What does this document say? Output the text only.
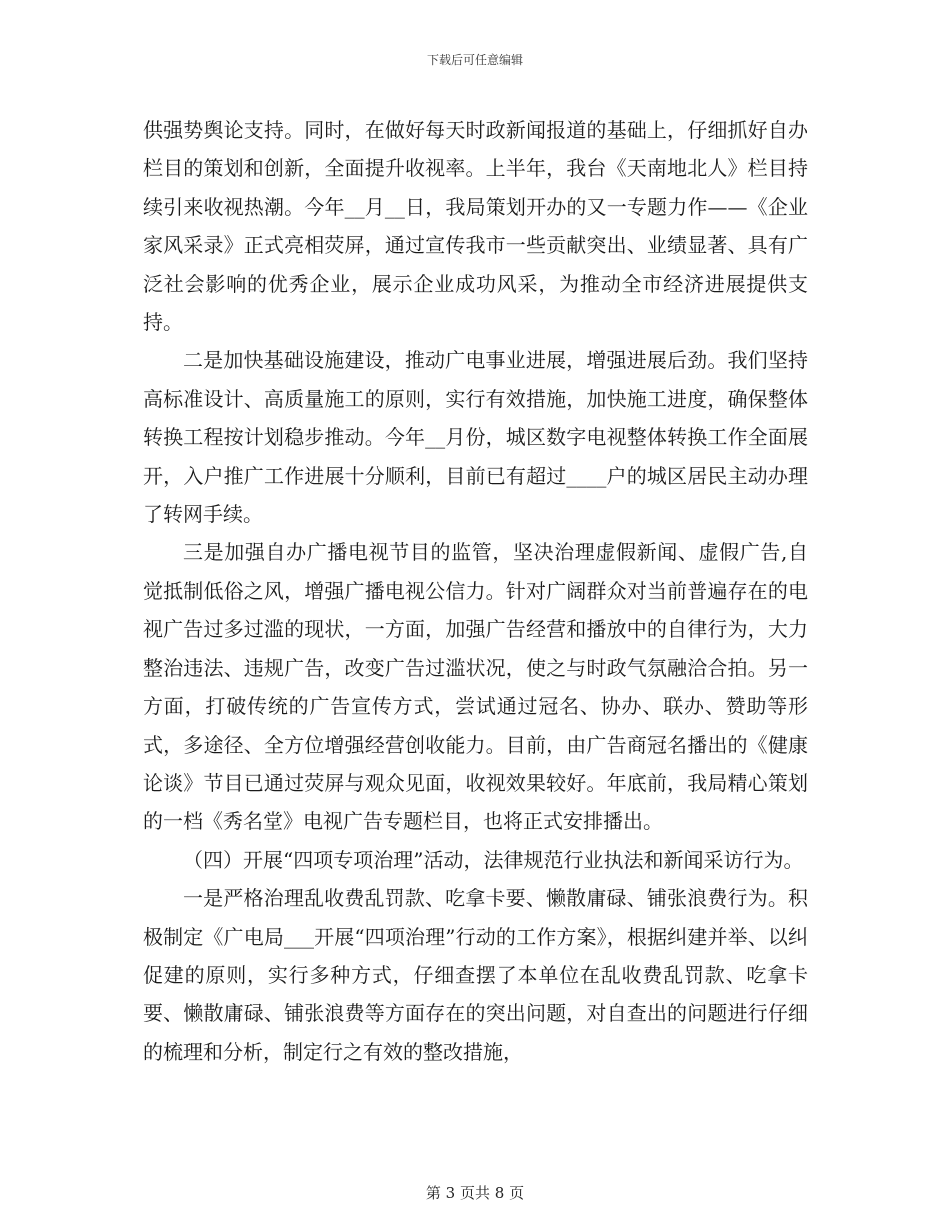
下载后可任意编辑

供强势舆论支持。同时，在做好每天时政新闻报道的基础上，仔细抓好自办栏目的策划和创新，全面提升收视率。上半年，我台《天南地北人》栏目持续引来收视热潮。今年__月__日，我局策划开办的又一专题力作——《企业家风采录》正式亮相荧屏，通过宣传我市一些贡献突出、业绩显著、具有广泛社会影响的优秀企业，展示企业成功风采，为推动全市经济进展提供支持。

二是加快基础设施建设，推动广电事业进展，增强进展后劲。我们坚持高标准设计、高质量施工的原则，实行有效措施，加快施工进度，确保整体转换工程按计划稳步推动。今年__月份，城区数字电视整体转换工作全面展开，入户推广工作进展十分顺利，目前已有超过____户的城区居民主动办理了转网手续。

三是加强自办广播电视节目的监管，坚决治理虚假新闻、虚假广告,自觉抵制低俗之风，增强广播电视公信力。针对广阔群众对当前普遍存在的电视广告过多过滥的现状，一方面，加强广告经营和播放中的自律行为，大力整治违法、违规广告，改变广告过滥状况，使之与时政气氛融洽合拍。另一方面，打破传统的广告宣传方式，尝试通过冠名、协办、联办、赞助等形式，多途径、全方位增强经营创收能力。目前，由广告商冠名播出的《健康论谈》节目已通过荧屏与观众见面，收视效果较好。年底前，我局精心策划的一档《秀名堂》电视广告专题栏目，也将正式安排播出。

（四）开展“四项专项治理”活动，法律规范行业执法和新闻采访行为。

一是严格治理乱收费乱罚款、吃拿卡要、懒散庸碌、铺张浪费行为。积极制定《广电局___开展“四项治理”行动的工作方案》，根据纠建并举、以纠促建的原则，实行多种方式，仔细查摆了本单位在乱收费乱罚款、吃拿卡要、懒散庸碌、铺张浪费等方面存在的突出问题，对自查出的问题进行仔细的梳理和分析，制定行之有效的整改措施，

第 3 页共 8 页
